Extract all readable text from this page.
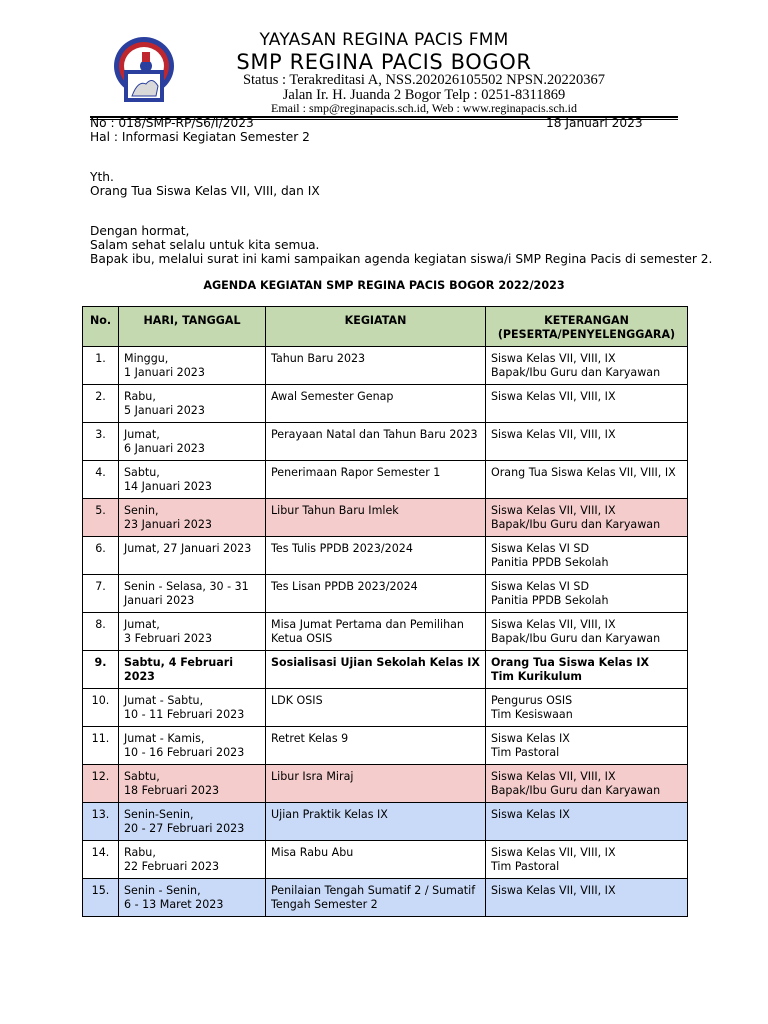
YAYASAN REGINA PACIS FMM
SMP REGINA PACIS BOGOR
Status : Terakreditasi A, NSS.202026105502 NPSN.20220367
Jalan Ir. H. Juanda 2 Bogor Telp : 0251-8311869
Email : smp@reginapacis.sch.id, Web : www.reginapacis.sch.id
No : 018/SMP-RP/S6/I/2023	18 Januari 2023
Hal : Informasi Kegiatan Semester 2
Yth.
Orang Tua Siswa Kelas VII, VIII, dan IX
Dengan hormat,
Salam sehat selalu untuk kita semua.
Bapak ibu, melalui surat ini kami sampaikan agenda kegiatan siswa/i SMP Regina Pacis di semester 2.
AGENDA KEGIATAN SMP REGINA PACIS BOGOR 2022/2023
No.	HARI, TANGGAL	KEGIATAN	KETERANGAN
(PESERTA/PENYELENGGARA)

1.	Minggu,
1 Januari 2023	Tahun Baru 2023	Siswa Kelas VII, VIII, IX
Bapak/Ibu Guru dan Karyawan

2.	Rabu,
5 Januari 2023	Awal Semester Genap	Siswa Kelas VII, VIII, IX

3.	Jumat,
6 Januari 2023	Perayaan Natal dan Tahun Baru 2023	Siswa Kelas VII, VIII, IX

4.	Sabtu,
14 Januari 2023	Penerimaan Rapor Semester 1	Orang Tua Siswa Kelas VII, VIII, IX

5.	Senin,
23 Januari 2023	Libur Tahun Baru Imlek	Siswa Kelas VII, VIII, IX
Bapak/Ibu Guru dan Karyawan

6.	Jumat, 27 Januari 2023	Tes Tulis PPDB 2023/2024	Siswa Kelas VI SD
Panitia PPDB Sekolah

7.	Senin - Selasa, 30 - 31
Januari 2023	Tes Lisan PPDB 2023/2024	Siswa Kelas VI SD
Panitia PPDB Sekolah

8.	Jumat,
3 Februari 2023	Misa Jumat Pertama dan Pemilihan
Ketua OSIS	Siswa Kelas VII, VIII, IX
Bapak/Ibu Guru dan Karyawan

9.	Sabtu, 4 Februari 2023	Sosialisasi Ujian Sekolah Kelas IX	Orang Tua Siswa Kelas IX
Tim Kurikulum

10.	Jumat - Sabtu,
10 - 11 Februari 2023	LDK OSIS	Pengurus OSIS
Tim Kesiswaan

11.	Jumat - Kamis,
10 - 16 Februari 2023	Retret Kelas 9	Siswa Kelas IX
Tim Pastoral

12.	Sabtu,
18 Februari 2023	Libur Isra Miraj	Siswa Kelas VII, VIII, IX
Bapak/Ibu Guru dan Karyawan

13.	Senin-Senin,
20 - 27 Februari 2023	Ujian Praktik Kelas IX	Siswa Kelas IX

14.	Rabu,
22 Februari 2023	Misa Rabu Abu	Siswa Kelas VII, VIII, IX
Tim Pastoral

15.	Senin - Senin,
6 - 13 Maret 2023	Penilaian Tengah Sumatif 2 / Sumatif
Tengah Semester 2	Siswa Kelas VII, VIII, IX
